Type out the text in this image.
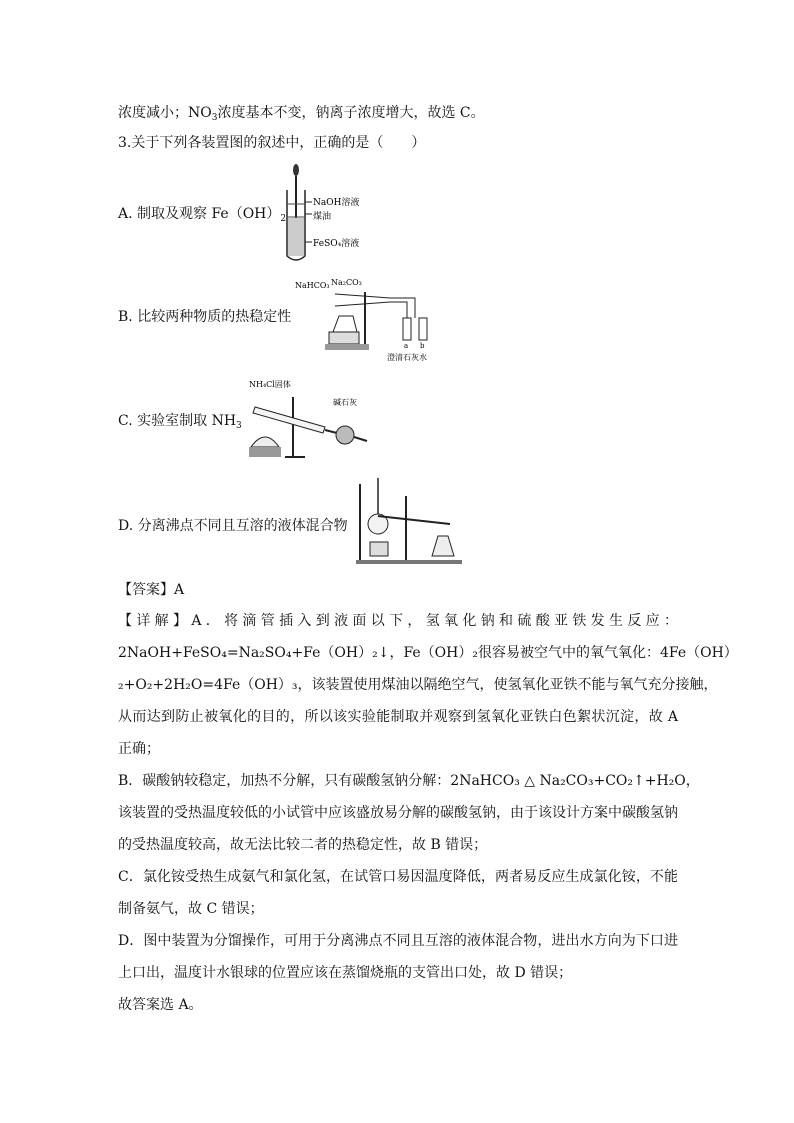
浓度减小；$NO_3$浓度基本不变，钠离子浓度增大，故选 C。
3.关于下列各装置图的叙述中，正确的是（　　）
A. 制取及观察 $Fe(OH)_2$
B. 比较两种物质的热稳定性
C. 实验室制取 $NH_3$
D. 分离沸点不同且互溶的液体混合物
NaOH溶液
煤油
FeSO₄溶液
NaHCO₃ Na₂CO₃
a b
澄清石灰水
NH₄Cl固体
碱石灰
【答案】A
【详解】A．将滴管插入到液面以下，氢氧化钠和硫酸亚铁发生反应：
2NaOH+FeSO₄=Na₂SO₄+Fe（OH）₂↓，Fe（OH）₂很容易被空气中的氧气氧化：4Fe（OH）
₂+O₂+2H₂O=4Fe（OH）₃，该装置使用煤油以隔绝空气，使氢氧化亚铁不能与氧气充分接触，
从而达到防止被氧化的目的，所以该实验能制取并观察到氢氧化亚铁白色絮状沉淀，故 A
正确；
B．碳酸钠较稳定，加热不分解，只有碳酸氢钠分解：2NaHCO₃ △ Na₂CO₃+CO₂↑+H₂O，
该装置的受热温度较低的小试管中应该盛放易分解的碳酸氢钠，由于该设计方案中碳酸氢钠
的受热温度较高，故无法比较二者的热稳定性，故 B 错误；
C．氯化铵受热生成氨气和氯化氢，在试管口易因温度降低，两者易反应生成氯化铵，不能
制备氨气，故 C 错误；
D．图中装置为分馏操作，可用于分离沸点不同且互溶的液体混合物，进出水方向为下口进
上口出，温度计水银球的位置应该在蒸馏烧瓶的支管出口处，故 D 错误；
故答案选 A。
